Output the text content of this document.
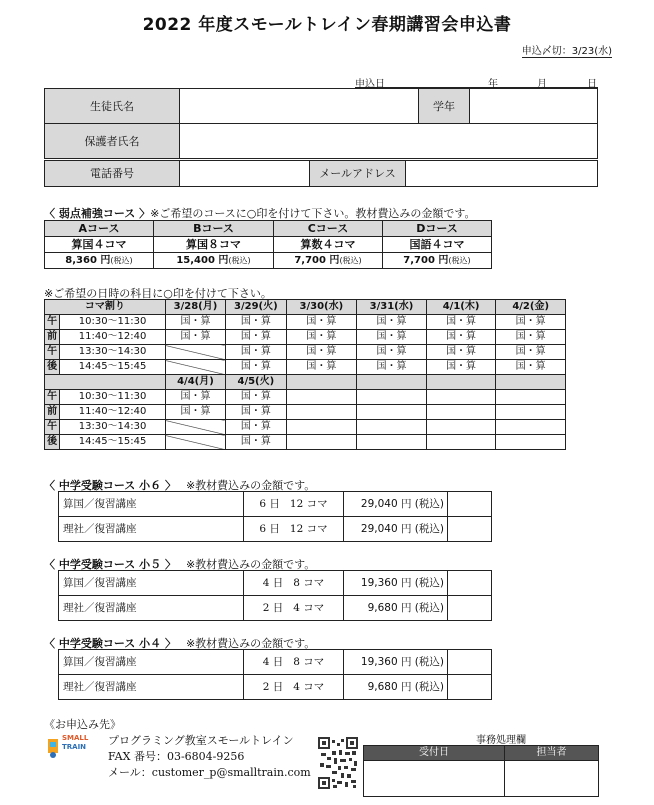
2022 年度スモールトレイン春期講習会申込書
申込〆切：3/23(水)
申込日	年	月	日
生徒氏名		学年	
保護者氏名			
電話番号		メールアドレス	
〈 弱点補強コース 〉※ご希望のコースに○印を付けて下さい。教材費込みの金額です。
Aコース	Bコース	Cコース	Dコース
算国４コマ	算国８コマ	算数４コマ	国語４コマ
8,360 円(税込)	15,400 円(税込)	7,700 円(税込)	7,700 円(税込)
※ご希望の日時の科目に○印を付けて下さい。
コマ割り		3/28(月)	3/29(火)	3/30(水)	3/31(水)	4/1(木)	4/2(金)
午	10:30～11:30	国・算	国・算	国・算	国・算	国・算	国・算
前	11:40～12:40	国・算	国・算	国・算	国・算	国・算	国・算
午	13:30～14:30		国・算	国・算	国・算	国・算	国・算
後	14:45～15:45		国・算	国・算	国・算	国・算	国・算
		4/4(月)	4/5(火)				
午	10:30～11:30	国・算	国・算				
前	11:40～12:40	国・算	国・算				
午	13:30～14:30		国・算				
後	14:45～15:45		国・算				
〈 中学受験コース 小６ 〉 ※教材費込みの金額です。
算国／復習講座	6 日 12 コマ	29,040 円 (税込)	
理社／復習講座	6 日 12 コマ	29,040 円 (税込)	
〈 中学受験コース 小５ 〉 ※教材費込みの金額です。
算国／復習講座	4 日 8 コマ	19,360 円 (税込)	
理社／復習講座	2 日 4 コマ	9,680 円 (税込)	
〈 中学受験コース 小４ 〉 ※教材費込みの金額です。
算国／復習講座	4 日 8 コマ	19,360 円 (税込)	
理社／復習講座	2 日 4 コマ	9,680 円 (税込)	
《お申込み先》
SMALL
TRAIN プログラミング教室スモールトレイン
FAX 番号：03-6804-9256
メール：customer_p@smalltrain.com
事務処理欄
受付日	担当者
